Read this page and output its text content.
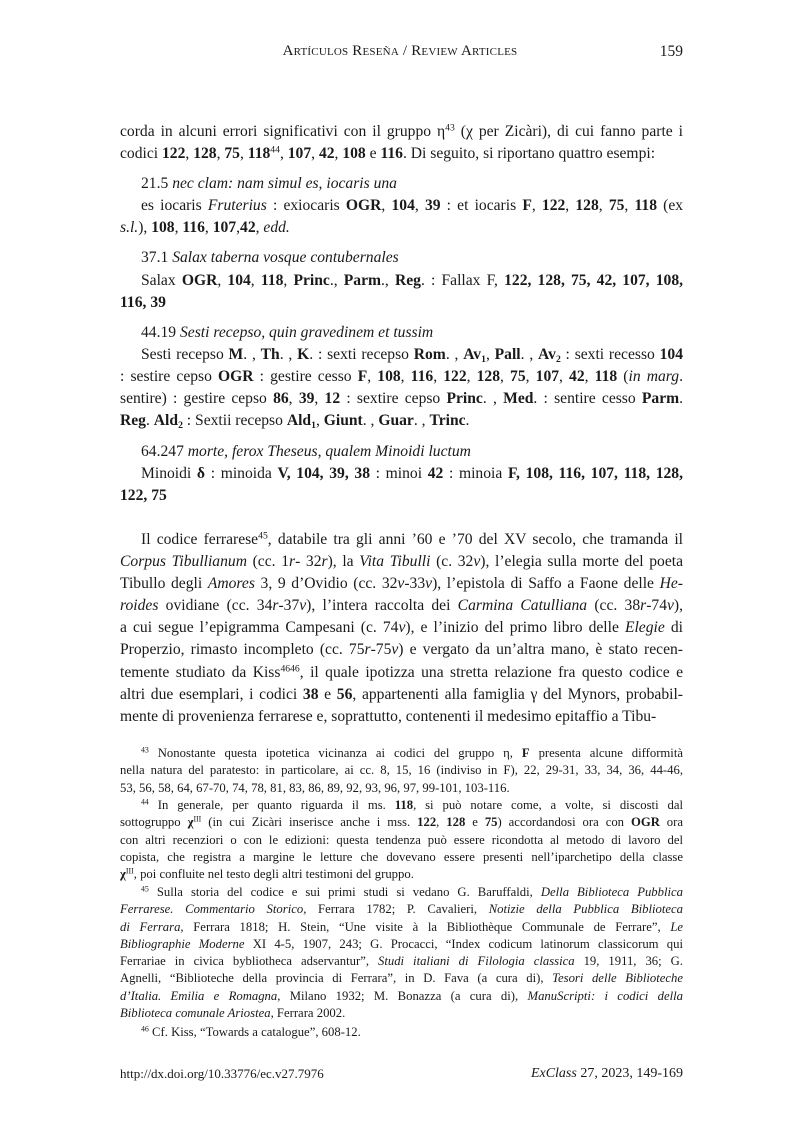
Artículos Reseña / Review Articles	159
corda in alcuni errori significativi con il gruppo $\eta^{43}$ (χ per Zicàri), di cui fanno parte i
codici 122, 128, 75, $118^{44}$, 107, 42, 108 e 116. Di seguito, si riportano quattro esempi:
21.5 nec clam: nam simul es, iocaris una
es iocaris Fruterius : exiocaris OGR, 104, 39 : et iocaris F, 122, 128, 75, 118 (ex
s.l.), 108, 116, 107,42, edd.
37.1 Salax taberna vosque contubernales
Salax OGR, 104, 118, Princ., Parm., Reg. : Fallax F, 122, 128, 75, 42, 107, 108,
116, 39
44.19 Sesti recepso, quin gravedinem et tussim
Sesti recepso M. , Th. , K. : sexti recepso Rom. , $Av_1$, Pall. , $Av_2$ : sexti recesso 104
: sestire cepso OGR : gestire cesso F, 108, 116, 122, 128, 75, 107, 42, 118 (in marg.
sentire) : gestire cepso 86, 39, 12 : sextire cepso Princ. , Med. : sentire cesso Parm.
Reg. Ald$_2$ : Sextii recepso Ald$_1$, Giunt. , Guar. , Trinc.
64.247 morte, ferox Theseus, qualem Minoidi luctum
Minoidi δ : minoida V, 104, 39, 38 : minoi 42 : minoia F, 108, 116, 107, 118, 128,
122, 75
Il codice ferrarese$^{45}$, databile tra gli anni ’60 e ’70 del XV secolo, che tramanda il
Corpus Tibullianum (cc. 1r- 32r), la Vita Tibulli (c. 32v), l’elegia sulla morte del poeta
Tibullo degli Amores 3, 9 d’Ovidio (cc. 32v-33v), l’epistola di Saffo a Faone delle He-
roides ovidiane (cc. 34r-37v), l’intera raccolta dei Carmina Catulliana (cc. 38r-74v),
a cui segue l’epigramma Campesani (c. 74v), e l’inizio del primo libro delle Elegie di
Properzio, rimasto incompleto (cc. 75r-75v) e vergato da un’altra mano, è stato recen-
temente studiato da Kiss$^{4646}$, il quale ipotizza una stretta relazione fra questo codice e
altri due esemplari, i codici 38 e 56, appartenenti alla famiglia γ del Mynors, probabil-
mente di provenienza ferrarese e, soprattutto, contenenti il medesimo epitaffio a Tibu-
$^{43}$ Nonostante questa ipotetica vicinanza ai codici del gruppo η, F presenta alcune difformità
nella natura del paratesto: in particolare, ai cc. 8, 15, 16 (indiviso in F), 22, 29-31, 33, 34, 36, 44-46,
53, 56, 58, 64, 67-70, 74, 78, 81, 83, 86, 89, 92, 93, 96, 97, 99-101, 103-116.
$^{44}$ In generale, per quanto riguarda il ms. 118, si può notare come, a volte, si discosti dal
sottogruppo $\chi^{III}$ (in cui Zicàri inserisce anche i mss. 122, 128 e 75) accordandosi ora con OGR ora
con altri recenziori o con le edizioni: questa tendenza può essere ricondotta al metodo di lavoro del
copista, che registra a margine le letture che dovevano essere presenti nell’iparchetipo della classe
$\chi^{III}$, poi confluite nel testo degli altri testimoni del gruppo.
$^{45}$ Sulla storia del codice e sui primi studi si vedano G. Baruffaldi, Della Biblioteca Pubblica
Ferrarese. Commentario Storico, Ferrara 1782; P. Cavalieri, Notizie della Pubblica Biblioteca
di Ferrara, Ferrara 1818; H. Stein, “Une visite à la Bibliothèque Communale de Ferrare”, Le
Bibliographie Moderne XI 4-5, 1907, 243; G. Procacci, “Index codicum latinorum classicorum qui
Ferrariae in civica bybliotheca adservantur”, Studi italiani di Filologia classica 19, 1911, 36; G.
Agnelli, “Biblioteche della provincia di Ferrara”, in D. Fava (a cura di), Tesori delle Biblioteche
d’Italia. Emilia e Romagna, Milano 1932; M. Bonazza (a cura di), ManuScripti: i codici della
Biblioteca comunale Ariostea, Ferrara 2002.
$^{46}$ Cf. Kiss, “Towards a catalogue”, 608-12.
http://dx.doi.org/10.33776/ec.v27.7976	ExClass 27, 2023, 149-169
